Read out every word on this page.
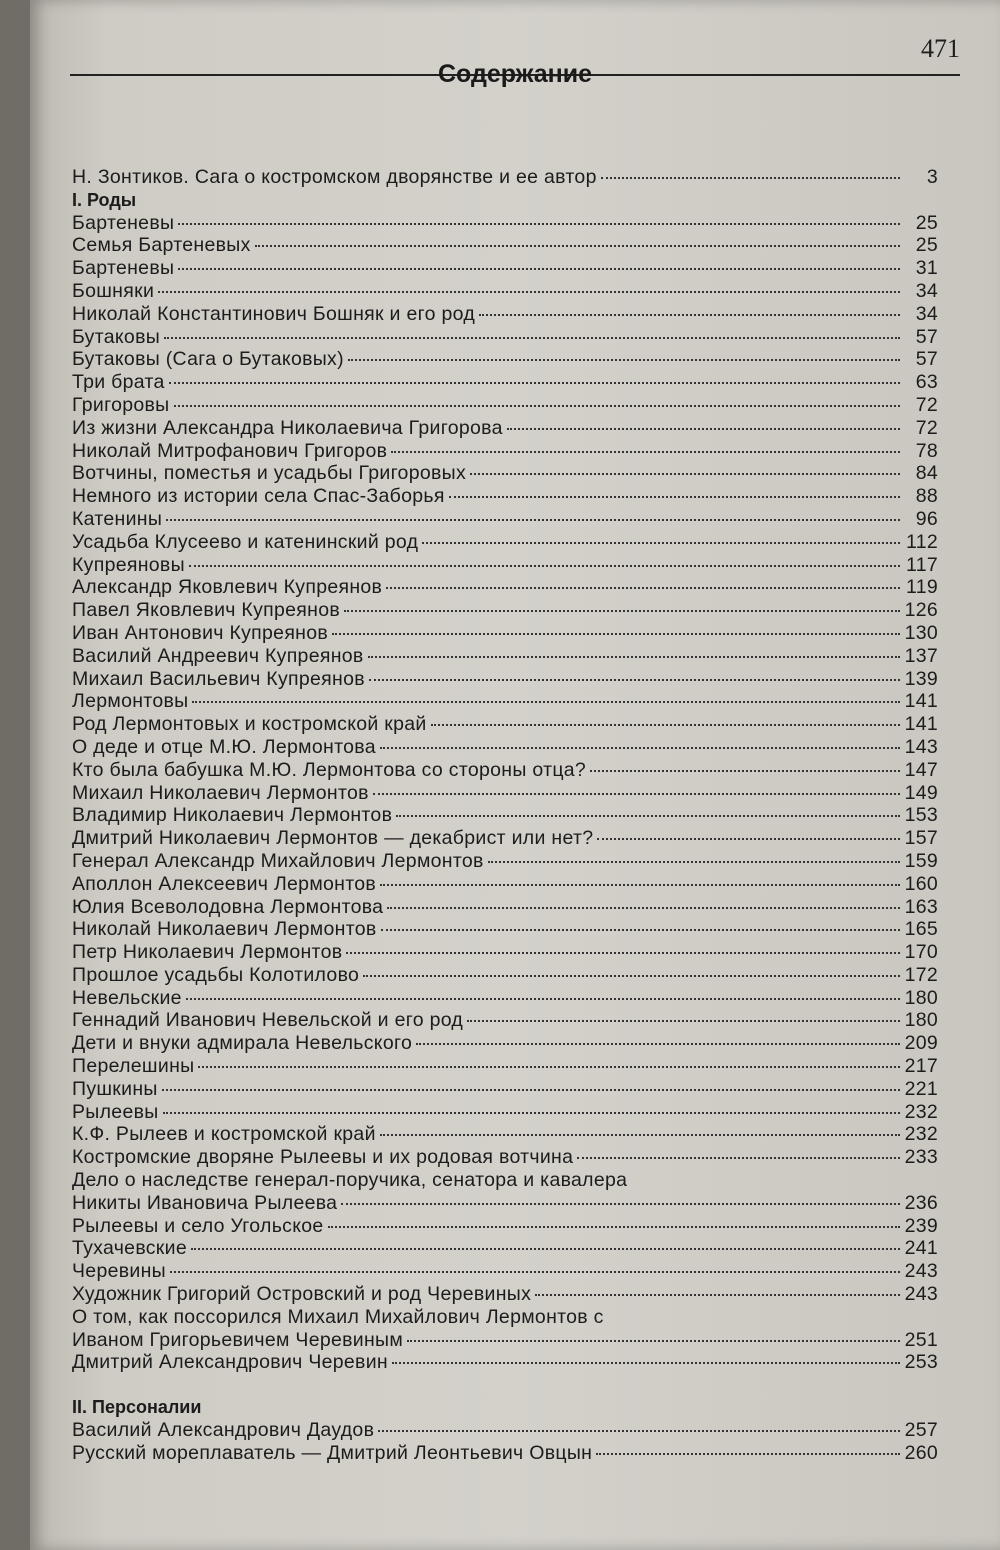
471
Содержание
Н. Зонтиков. Сага о костромском дворянстве и ее автор	3
I. Роды
Бартеневы	25
Семья Бартеневых	25
Бартеневы	31
Бошняки	34
Николай Константинович Бошняк и его род	34
Бутаковы	57
Бутаковы (Сага о Бутаковых)	57
Три брата	63
Григоровы	72
Из жизни Александра Николаевича Григорова	72
Николай Митрофанович Григоров	78
Вотчины, поместья и усадьбы Григоровых	84
Немного из истории села Спас-Заборья	88
Катенины	96
Усадьба Клусеево и катенинский род	112
Купреяновы	117
Александр Яковлевич Купреянов	119
Павел Яковлевич Купреянов	126
Иван Антонович Купреянов	130
Василий Андреевич Купреянов	137
Михаил Васильевич Купреянов	139
Лермонтовы	141
Род Лермонтовых и костромской край	141
О деде и отце М.Ю. Лермонтова	143
Кто была бабушка М.Ю. Лермонтова со стороны отца?	147
Михаил Николаевич Лермонтов	149
Владимир Николаевич Лермонтов	153
Дмитрий Николаевич Лермонтов — декабрист или нет?	157
Генерал Александр Михайлович Лермонтов	159
Аполлон Алексеевич Лермонтов	160
Юлия Всеволодовна Лермонтова	163
Николай Николаевич Лермонтов	165
Петр Николаевич Лермонтов	170
Прошлое усадьбы Колотилово	172
Невельские	180
Геннадий Иванович Невельской и его род	180
Дети и внуки адмирала Невельского	209
Перелешины	217
Пушкины	221
Рылеевы	232
К.Ф. Рылеев и костромской край	232
Костромские дворяне Рылеевы и их родовая вотчина	233
Дело о наследстве генерал-поручика, сенатора и кавалера
Никиты Ивановича Рылеева	236
Рылеевы и село Угольское	239
Тухачевские	241
Черевины	243
Художник Григорий Островский и род Черевиных	243
О том, как поссорился Михаил Михайлович Лермонтов с
Иваном Григорьевичем Черевиным	251
Дмитрий Александрович Черевин	253
II. Персоналии
Василий Александрович Даудов	257
Русский мореплаватель — Дмитрий Леонтьевич Овцын	260
